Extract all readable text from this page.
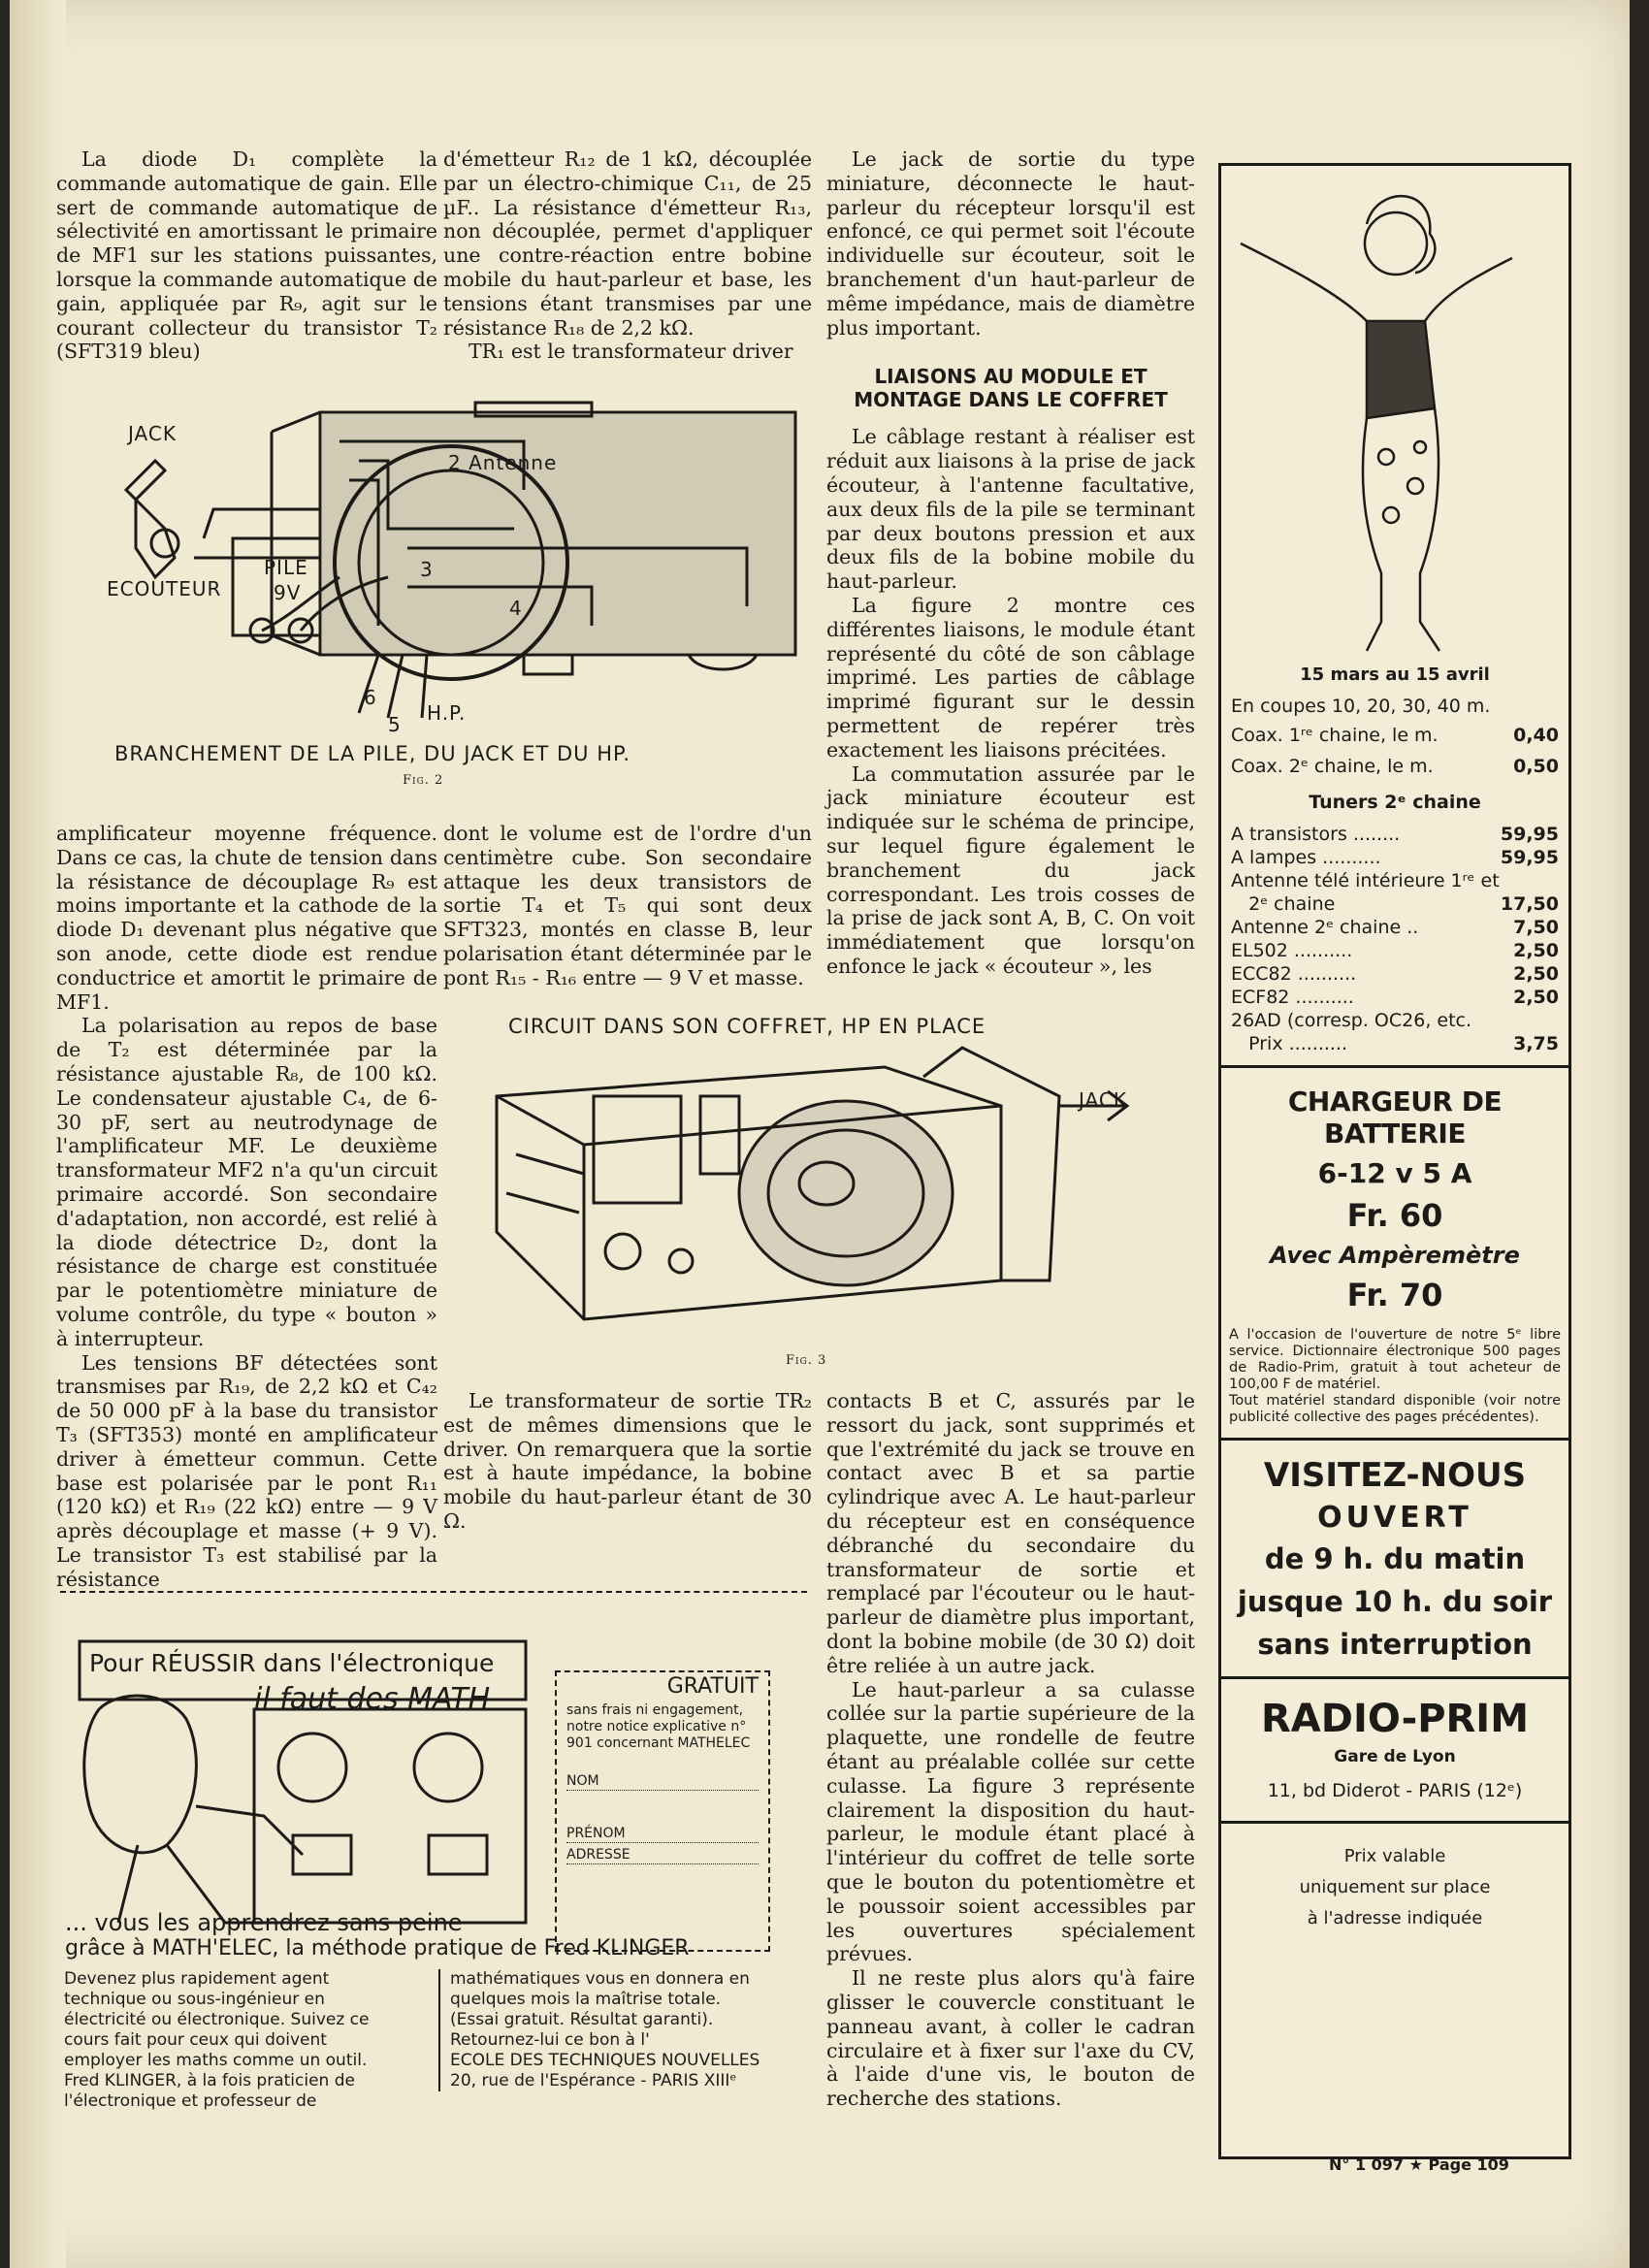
La diode D₁ complète la commande automatique de gain. Elle sert de commande automatique de sélectivité en amortissant le primaire de MF1 sur les stations puissantes, lorsque la commande automatique de gain, appliquée par R₉, agit sur le courant collecteur du transistor T₂ (SFT319 bleu)

d'émetteur R₁₂ de 1 kΩ, découplée par un électro-chimique C₁₁, de 25 µF.. La résistance d'émetteur R₁₃, non découplée, permet d'appliquer une contre-réaction entre bobine mobile du haut-parleur et base, les tensions étant transmises par une résistance R₁₈ de 2,2 kΩ.

TR₁ est le transformateur driver

Le jack de sortie du type miniature, déconnecte le haut-parleur du récepteur lorsqu'il est enfoncé, ce qui permet soit l'écoute individuelle sur écouteur, soit le branchement d'un haut-parleur de même impédance, mais de diamètre plus important.

LIAISONS AU MODULE ET MONTAGE DANS LE COFFRET

Le câblage restant à réaliser est réduit aux liaisons à la prise de jack écouteur, à l'antenne facultative, aux deux fils de la pile se terminant par deux boutons pression et aux deux fils de la bobine mobile du haut-parleur.

La figure 2 montre ces différentes liaisons, le module étant représenté du côté de son câblage imprimé. Les parties de câblage imprimé figurant sur le dessin permettent de repérer très exactement les liaisons précitées.

La commutation assurée par le jack miniature écouteur est indiquée sur le schéma de principe, sur lequel figure également le branchement du jack correspondant. Les trois cosses de la prise de jack sont A, B, C. On voit immédiatement que lorsqu'on enfonce le jack « écouteur », les

JACK
ECOUTEUR
PILE
9V
2 Antenne
3
4
5
6
H.P.
BRANCHEMENT DE LA PILE, DU JACK ET DU HP.
Fig. 2

amplificateur moyenne fréquence. Dans ce cas, la chute de tension dans la résistance de découplage R₉ est moins importante et la cathode de la diode D₁ devenant plus négative que son anode, cette diode est rendue conductrice et amortit le primaire de MF1.

La polarisation au repos de base de T₂ est déterminée par la résistance ajustable R₈, de 100 kΩ. Le condensateur ajustable C₄, de 6-30 pF, sert au neutrodynage de l'amplificateur MF. Le deuxième transformateur MF2 n'a qu'un circuit primaire accordé. Son secondaire d'adaptation, non accordé, est relié à la diode détectrice D₂, dont la résistance de charge est constituée par le potentiomètre miniature de volume contrôle, du type « bouton » à interrupteur.

Les tensions BF détectées sont transmises par R₁₉, de 2,2 kΩ et C₄₂ de 50 000 pF à la base du transistor T₃ (SFT353) monté en amplificateur driver à émetteur commun. Cette base est polarisée par le pont R₁₁ (120 kΩ) et R₁₉ (22 kΩ) entre — 9 V après découplage et masse (+ 9 V). Le transistor T₃ est stabilisé par la résistance

dont le volume est de l'ordre d'un centimètre cube. Son secondaire attaque les deux transistors de sortie T₄ et T₅ qui sont deux SFT323, montés en classe B, leur polarisation étant déterminée par le pont R₁₅ - R₁₆ entre — 9 V et masse.

CIRCUIT DANS SON COFFRET, HP EN PLACE
JACK
Fig. 3

Le transformateur de sortie TR₂ est de mêmes dimensions que le driver. On remarquera que la sortie est à haute impédance, la bobine mobile du haut-parleur étant de 30 Ω.

contacts B et C, assurés par le ressort du jack, sont supprimés et que l'extrémité du jack se trouve en contact avec B et sa partie cylindrique avec A. Le haut-parleur du récepteur est en conséquence débranché du secondaire du transformateur de sortie et remplacé par l'écouteur ou le haut-parleur de diamètre plus important, dont la bobine mobile (de 30 Ω) doit être reliée à un autre jack.

Le haut-parleur a sa culasse collée sur la partie supérieure de la plaquette, une rondelle de feutre étant au préalable collée sur cette culasse. La figure 3 représente clairement la disposition du haut-parleur, le module étant placé à l'intérieur du coffret de telle sorte que le bouton du potentiomètre et le poussoir soient accessibles par les ouvertures spécialement prévues.

Il ne reste plus alors qu'à faire glisser le couvercle constituant le panneau avant, à coller le cadran circulaire et à fixer sur l'axe du CV, à l'aide d'une vis, le bouton de recherche des stations.

Pour RÉUSSIR dans l'électronique
il faut des MATH
... vous les apprendrez sans peine
grâce à MATH'ELEC, la méthode pratique de Fred KLINGER
GRATUIT
sans frais ni engagement, notre notice explicative n° 901 concernant MATHELEC
NOM
PRÉNOM
ADRESSE
Devenez plus rapidement agent technique ou sous-ingénieur en électricité ou électronique. Suivez ce cours fait pour ceux qui doivent employer les maths comme un outil. Fred KLINGER, à la fois praticien de l'électronique et professeur de
mathématiques vous en donnera en quelques mois la maîtrise totale.
(Essai gratuit. Résultat garanti).
Retournez-lui ce bon à l'
ECOLE DES TECHNIQUES NOUVELLES
20, rue de l'Espérance - PARIS XIIIᵉ
15 mars au 15 avril
En coupes 10, 20, 30, 40 m.
Coax. 1ʳᵉ chaine, le m.	0,40
Coax. 2ᵉ chaine, le m.	0,50
Tuners 2ᵉ chaine
A transistors ........	59,95
A lampes ..........	59,95
Antenne télé intérieure 1ʳᵉ et
2ᵉ chaine	17,50
Antenne 2ᵉ chaine ..	7,50
EL502 ..........	2,50
ECC82 ..........	2,50
ECF82 ..........	2,50
26AD (corresp. OC26, etc.
Prix ..........	3,75
CHARGEUR DE BATTERIE
6-12 v 5 A
Fr. 60
Avec Ampèremètre
Fr. 70
A l'occasion de l'ouverture de notre 5ᵉ libre service. Dictionnaire électronique 500 pages de Radio-Prim, gratuit à tout acheteur de 100,00 F de matériel.
Tout matériel standard disponible (voir notre publicité collective des pages précédentes).
VISITEZ-NOUS
OUVERT
de 9 h. du matin
jusque 10 h. du soir
sans interruption
RADIO-PRIM
Gare de Lyon
11, bd Diderot - PARIS (12ᵉ)
Prix valable
uniquement sur place
à l'adresse indiquée
N° 1 097 ★ Page 109
